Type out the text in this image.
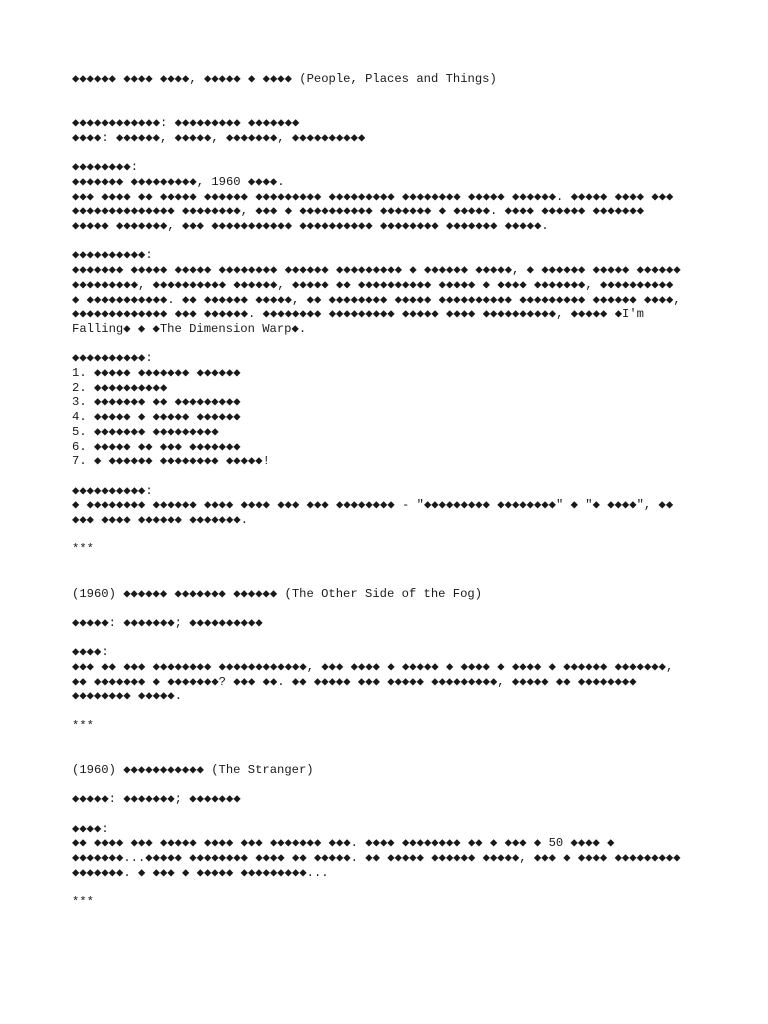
◆◆◆◆◆◆ ◆◆◆◆ ◆◆◆◆, ◆◆◆◆◆ ◆ ◆◆◆◆ (People, Places and Things)
◆◆◆◆◆◆◆◆◆◆◆◆: ◆◆◆◆◆◆◆◆◆ ◆◆◆◆◆◆◆
◆◆◆◆: ◆◆◆◆◆◆, ◆◆◆◆◆, ◆◆◆◆◆◆◆, ◆◆◆◆◆◆◆◆◆◆
◆◆◆◆◆◆◆◆:
◆◆◆◆◆◆◆ ◆◆◆◆◆◆◆◆◆, 1960 ◆◆◆◆.
◆◆◆ ◆◆◆◆ ◆◆ ◆◆◆◆◆ ◆◆◆◆◆◆ ◆◆◆◆◆◆◆◆◆ ◆◆◆◆◆◆◆◆◆ ◆◆◆◆◆◆◆◆ ◆◆◆◆◆ ◆◆◆◆◆◆. ◆◆◆◆◆ ◆◆◆◆ ◆◆◆
◆◆◆◆◆◆◆◆◆◆◆◆◆◆ ◆◆◆◆◆◆◆◆, ◆◆◆ ◆ ◆◆◆◆◆◆◆◆◆◆ ◆◆◆◆◆◆◆ ◆ ◆◆◆◆◆. ◆◆◆◆ ◆◆◆◆◆◆ ◆◆◆◆◆◆◆
◆◆◆◆◆ ◆◆◆◆◆◆◆, ◆◆◆ ◆◆◆◆◆◆◆◆◆◆◆ ◆◆◆◆◆◆◆◆◆◆ ◆◆◆◆◆◆◆◆ ◆◆◆◆◆◆◆ ◆◆◆◆◆.
◆◆◆◆◆◆◆◆◆◆:
◆◆◆◆◆◆◆ ◆◆◆◆◆ ◆◆◆◆◆ ◆◆◆◆◆◆◆◆ ◆◆◆◆◆◆ ◆◆◆◆◆◆◆◆◆ ◆ ◆◆◆◆◆◆ ◆◆◆◆◆, ◆ ◆◆◆◆◆◆ ◆◆◆◆◆ ◆◆◆◆◆◆
◆◆◆◆◆◆◆◆◆, ◆◆◆◆◆◆◆◆◆◆ ◆◆◆◆◆◆, ◆◆◆◆◆ ◆◆ ◆◆◆◆◆◆◆◆◆◆ ◆◆◆◆◆ ◆ ◆◆◆◆ ◆◆◆◆◆◆◆, ◆◆◆◆◆◆◆◆◆◆
◆ ◆◆◆◆◆◆◆◆◆◆◆. ◆◆ ◆◆◆◆◆◆ ◆◆◆◆◆, ◆◆ ◆◆◆◆◆◆◆◆ ◆◆◆◆◆ ◆◆◆◆◆◆◆◆◆◆ ◆◆◆◆◆◆◆◆◆ ◆◆◆◆◆◆ ◆◆◆◆,
◆◆◆◆◆◆◆◆◆◆◆◆◆ ◆◆◆ ◆◆◆◆◆◆. ◆◆◆◆◆◆◆◆ ◆◆◆◆◆◆◆◆◆ ◆◆◆◆◆ ◆◆◆◆ ◆◆◆◆◆◆◆◆◆◆, ◆◆◆◆◆ ◆I'm
Falling◆ ◆ ◆The Dimension Warp◆.
◆◆◆◆◆◆◆◆◆◆:
1. ◆◆◆◆◆ ◆◆◆◆◆◆◆ ◆◆◆◆◆◆
2. ◆◆◆◆◆◆◆◆◆◆
3. ◆◆◆◆◆◆◆ ◆◆ ◆◆◆◆◆◆◆◆◆
4. ◆◆◆◆◆ ◆ ◆◆◆◆◆ ◆◆◆◆◆◆
5. ◆◆◆◆◆◆◆ ◆◆◆◆◆◆◆◆◆
6. ◆◆◆◆◆ ◆◆ ◆◆◆ ◆◆◆◆◆◆◆
7. ◆ ◆◆◆◆◆◆ ◆◆◆◆◆◆◆◆ ◆◆◆◆◆!
◆◆◆◆◆◆◆◆◆◆:
◆ ◆◆◆◆◆◆◆◆ ◆◆◆◆◆◆ ◆◆◆◆ ◆◆◆◆ ◆◆◆ ◆◆◆ ◆◆◆◆◆◆◆◆ - "◆◆◆◆◆◆◆◆◆ ◆◆◆◆◆◆◆◆" ◆ "◆ ◆◆◆◆", ◆◆
◆◆◆ ◆◆◆◆ ◆◆◆◆◆◆ ◆◆◆◆◆◆◆.
***
(1960) ◆◆◆◆◆◆ ◆◆◆◆◆◆◆ ◆◆◆◆◆◆ (The Other Side of the Fog)
◆◆◆◆◆: ◆◆◆◆◆◆◆; ◆◆◆◆◆◆◆◆◆◆
◆◆◆◆:
◆◆◆ ◆◆ ◆◆◆ ◆◆◆◆◆◆◆◆ ◆◆◆◆◆◆◆◆◆◆◆◆, ◆◆◆ ◆◆◆◆ ◆ ◆◆◆◆◆ ◆ ◆◆◆◆ ◆ ◆◆◆◆ ◆ ◆◆◆◆◆◆ ◆◆◆◆◆◆◆,
◆◆ ◆◆◆◆◆◆◆ ◆ ◆◆◆◆◆◆◆? ◆◆◆ ◆◆. ◆◆ ◆◆◆◆◆ ◆◆◆ ◆◆◆◆◆ ◆◆◆◆◆◆◆◆◆, ◆◆◆◆◆ ◆◆ ◆◆◆◆◆◆◆◆
◆◆◆◆◆◆◆◆ ◆◆◆◆◆.
***
(1960) ◆◆◆◆◆◆◆◆◆◆◆ (The Stranger)
◆◆◆◆◆: ◆◆◆◆◆◆◆; ◆◆◆◆◆◆◆
◆◆◆◆:
◆◆ ◆◆◆◆ ◆◆◆ ◆◆◆◆◆ ◆◆◆◆ ◆◆◆ ◆◆◆◆◆◆◆ ◆◆◆. ◆◆◆◆ ◆◆◆◆◆◆◆◆ ◆◆ ◆ ◆◆◆ ◆ 50 ◆◆◆◆ ◆
◆◆◆◆◆◆◆...◆◆◆◆◆ ◆◆◆◆◆◆◆◆ ◆◆◆◆ ◆◆ ◆◆◆◆◆. ◆◆ ◆◆◆◆◆ ◆◆◆◆◆◆ ◆◆◆◆◆, ◆◆◆ ◆ ◆◆◆◆ ◆◆◆◆◆◆◆◆◆
◆◆◆◆◆◆◆. ◆ ◆◆◆ ◆ ◆◆◆◆◆ ◆◆◆◆◆◆◆◆◆...
***
